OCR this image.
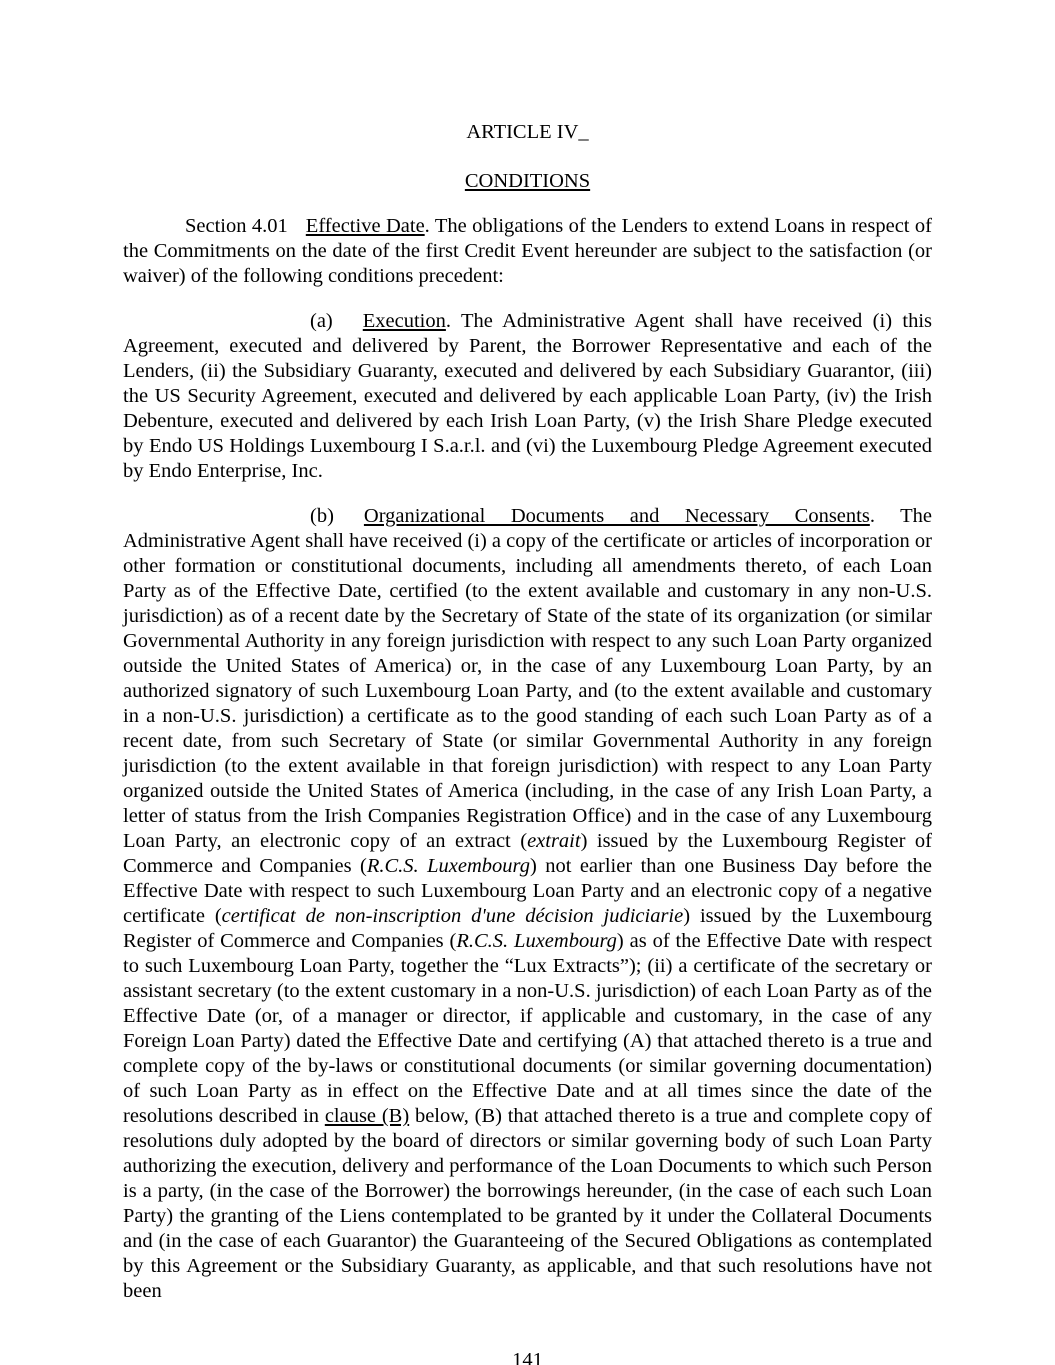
ARTICLE IV_
CONDITIONS
Section 4.01 Effective Date. The obligations of the Lenders to extend Loans in respect of the Commitments on the date of the first Credit Event hereunder are subject to the satisfaction (or waiver) of the following conditions precedent:
(a) Execution. The Administrative Agent shall have received (i) this Agreement, executed and delivered by Parent, the Borrower Representative and each of the Lenders, (ii) the Subsidiary Guaranty, executed and delivered by each Subsidiary Guarantor, (iii) the US Security Agreement, executed and delivered by each applicable Loan Party, (iv) the Irish Debenture, executed and delivered by each Irish Loan Party, (v) the Irish Share Pledge executed by Endo US Holdings Luxembourg I S.a.r.l. and (vi) the Luxembourg Pledge Agreement executed by Endo Enterprise, Inc.
(b) Organizational Documents and Necessary Consents. The Administrative Agent shall have received (i) a copy of the certificate or articles of incorporation or other formation or constitutional documents, including all amendments thereto, of each Loan Party as of the Effective Date, certified (to the extent available and customary in any non-U.S. jurisdiction) as of a recent date by the Secretary of State of the state of its organization (or similar Governmental Authority in any foreign jurisdiction with respect to any such Loan Party organized outside the United States of America) or, in the case of any Luxembourg Loan Party, by an authorized signatory of such Luxembourg Loan Party, and (to the extent available and customary in a non-U.S. jurisdiction) a certificate as to the good standing of each such Loan Party as of a recent date, from such Secretary of State (or similar Governmental Authority in any foreign jurisdiction (to the extent available in that foreign jurisdiction) with respect to any Loan Party organized outside the United States of America (including, in the case of any Irish Loan Party, a letter of status from the Irish Companies Registration Office) and in the case of any Luxembourg Loan Party, an electronic copy of an extract (extrait) issued by the Luxembourg Register of Commerce and Companies (R.C.S. Luxembourg) not earlier than one Business Day before the Effective Date with respect to such Luxembourg Loan Party and an electronic copy of a negative certificate (certificat de non-inscription d'une décision judiciarie) issued by the Luxembourg Register of Commerce and Companies (R.C.S. Luxembourg) as of the Effective Date with respect to such Luxembourg Loan Party, together the “Lux Extracts”); (ii) a certificate of the secretary or assistant secretary (to the extent customary in a non-U.S. jurisdiction) of each Loan Party as of the Effective Date (or, of a manager or director, if applicable and customary, in the case of any Foreign Loan Party) dated the Effective Date and certifying (A) that attached thereto is a true and complete copy of the by-laws or constitutional documents (or similar governing documentation) of such Loan Party as in effect on the Effective Date and at all times since the date of the resolutions described in clause (B) below, (B) that attached thereto is a true and complete copy of resolutions duly adopted by the board of directors or similar governing body of such Loan Party authorizing the execution, delivery and performance of the Loan Documents to which such Person is a party, (in the case of the Borrower) the borrowings hereunder, (in the case of each such Loan Party) the granting of the Liens contemplated to be granted by it under the Collateral Documents and (in the case of each Guarantor) the Guaranteeing of the Secured Obligations as contemplated by this Agreement or the Subsidiary Guaranty, as applicable, and that such resolutions have not been
141
